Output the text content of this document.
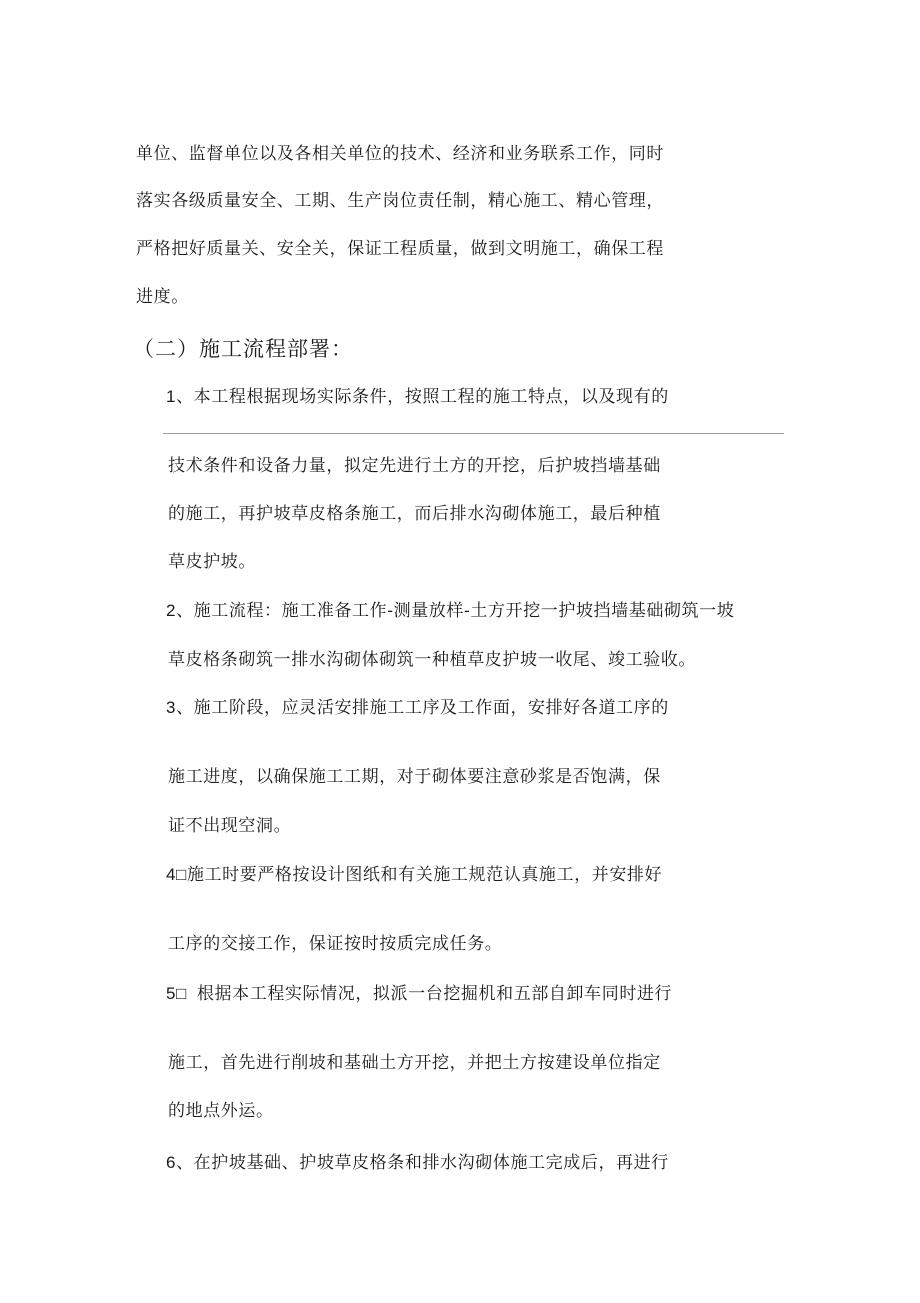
单位、监督单位以及各相关单位的技术、经济和业务联系工作，同时
落实各级质量安全、工期、生产岗位责任制，精心施工、精心管理，
严格把好质量关、安全关，保证工程质量，做到文明施工，确保工程
进度。
（二）施工流程部署：
1、本工程根据现场实际条件，按照工程的施工特点，以及现有的
技术条件和设备力量，拟定先进行土方的开挖，后护坡挡墙基础
的施工，再护坡草皮格条施工，而后排水沟砌体施工，最后种植
草皮护坡。
2、施工流程：施工准备工作-测量放样-土方开挖一护坡挡墙基础砌筑一坡
草皮格条砌筑一排水沟砌体砌筑一种植草皮护坡一收尾、竣工验收。
3、施工阶段，应灵活安排施工工序及工作面，安排好各道工序的
施工进度，以确保施工工期，对于砌体要注意砂浆是否饱满，保
证不出现空洞。
4□施工时要严格按设计图纸和有关施工规范认真施工，并安排好
工序的交接工作，保证按时按质完成任务。
5□ 根据本工程实际情况，拟派一台挖掘机和五部自卸车同时进行
施工，首先进行削坡和基础土方开挖，并把土方按建设单位指定
的地点外运。
6、在护坡基础、护坡草皮格条和排水沟砌体施工完成后，再进行
